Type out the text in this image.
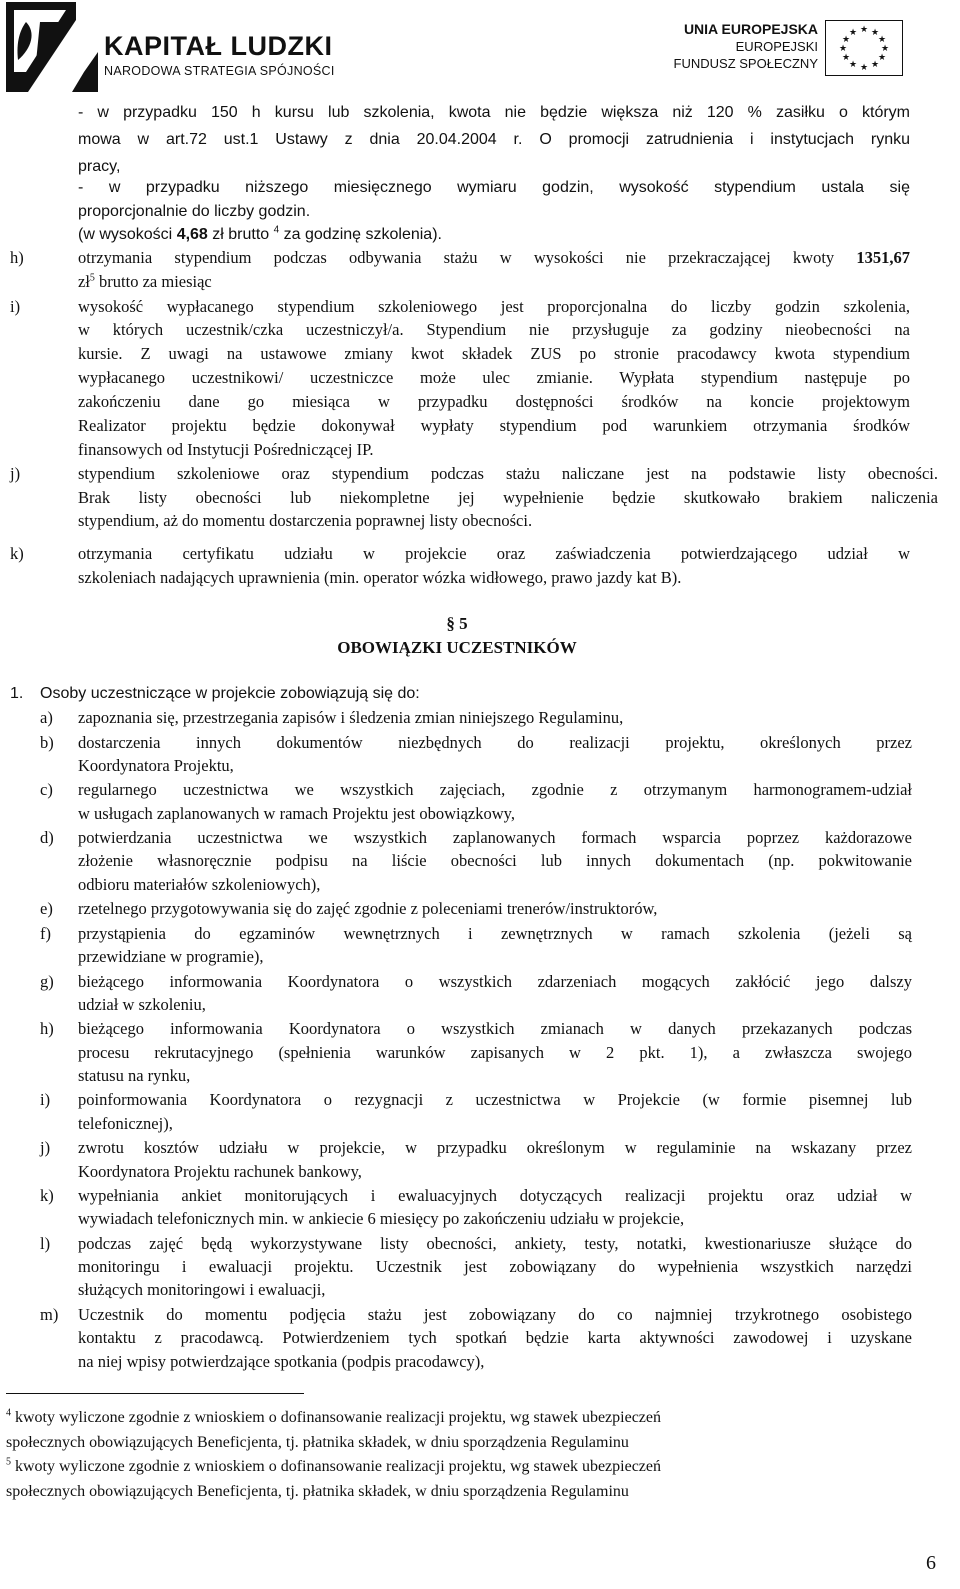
KAPITAŁ LUDZKI
NARODOWA STRATEGIA SPÓJNOŚCI
UNIA EUROPEJSKA
EUROPEJSKI
FUNDUSZ SPOŁECZNY
★ ★
★
★
★
★
★
★
★
★
★
★
- w przypadku 150 h kursu lub szkolenia, kwota nie będzie większa niż 120 % zasiłku o którym
mowa w art.72 ust.1 Ustawy z dnia 20.04.2004 r. O promocji zatrudnienia i instytucjach rynku
pracy,
- w przypadku niższego miesięcznego wymiaru godzin, wysokość stypendium ustala się
proporcjonalnie do liczby godzin.
(w wysokości 4,68 zł brutto $^4$ za godzinę szkolenia).
h)	otrzymania stypendium podczas odbywania stażu w wysokości nie przekraczającej kwoty 1351,67
$zł^5$ brutto za miesiąc
i)	wysokość wypłacanego stypendium szkoleniowego jest proporcjonalna do liczby godzin szkolenia,
w których uczestnik/czka uczestniczył/a. Stypendium nie przysługuje za godziny nieobecności na
kursie. Z uwagi na ustawowe zmiany kwot składek ZUS po stronie pracodawcy kwota stypendium
wypłacanego uczestnikowi/ uczestniczce może ulec zmianie. Wypłata stypendium następuje po
zakończeniu dane go miesiąca w przypadku dostępności środków na koncie projektowym
Realizator projektu będzie dokonywał wypłaty stypendium pod warunkiem otrzymania środków
finansowych od Instytucji Pośredniczącej IP.
j)	stypendium szkoleniowe oraz stypendium podczas stażu naliczane jest na podstawie listy obecności.
Brak listy obecności lub niekompletne jej wypełnienie będzie skutkowało brakiem naliczenia
stypendium, aż do momentu dostarczenia poprawnej listy obecności.
k)	otrzymania certyfikatu udziału w projekcie oraz zaświadczenia potwierdzającego udział w
szkoleniach nadających uprawnienia (min. operator wózka widłowego, prawo jazdy kat B).
§ 5
OBOWIĄZKI UCZESTNIKÓW
1. Osoby uczestniczące w projekcie zobowiązują się do:
a) zapoznania się, przestrzegania zapisów i śledzenia zmian niniejszego Regulaminu,
b) dostarczenia innych dokumentów niezbędnych do realizacji projektu, określonych przez
Koordynatora Projektu,
c) regularnego uczestnictwa we wszystkich zajęciach, zgodnie z otrzymanym harmonogramem-udział
w usługach zaplanowanych w ramach Projektu jest obowiązkowy,
d) potwierdzania uczestnictwa we wszystkich zaplanowanych formach wsparcia poprzez każdorazowe
złożenie własnoręcznie podpisu na liście obecności lub innych dokumentach (np. pokwitowanie
odbioru materiałów szkoleniowych),
e) rzetelnego przygotowywania się do zajęć zgodnie z poleceniami trenerów/instruktorów,
f) przystąpienia do egzaminów wewnętrznych i zewnętrznych w ramach szkolenia (jeżeli są
przewidziane w programie),
g) bieżącego informowania Koordynatora o wszystkich zdarzeniach mogących zakłócić jego dalszy
udział w szkoleniu,
h) bieżącego informowania Koordynatora o wszystkich zmianach w danych przekazanych podczas
procesu rekrutacyjnego (spełnienia warunków zapisanych w 2 pkt. 1), a zwłaszcza swojego
statusu na rynku,
i) poinformowania Koordynatora o rezygnacji z uczestnictwa w Projekcie (w formie pisemnej lub
telefonicznej),
j) zwrotu kosztów udziału w projekcie, w przypadku określonym w regulaminie na wskazany przez
Koordynatora Projektu rachunek bankowy,
k) wypełniania ankiet monitorujących i ewaluacyjnych dotyczących realizacji projektu oraz udział w
wywiadach telefonicznych min. w ankiecie 6 miesięcy po zakończeniu udziału w projekcie,
l) podczas zajęć będą wykorzystywane listy obecności, ankiety, testy, notatki, kwestionariusze służące do
monitoringu i ewaluacji projektu. Uczestnik jest zobowiązany do wypełnienia wszystkich narzędzi
służących monitoringowi i ewaluacji,
m) Uczestnik do momentu podjęcia stażu jest zobowiązany do co najmniej trzykrotnego osobistego
kontaktu z pracodawcą. Potwierdzeniem tych spotkań będzie karta aktywności zawodowej i uzyskane
na niej wpisy potwierdzające spotkania (podpis pracodawcy),
$^4$ kwoty wyliczone zgodnie z wnioskiem o dofinansowanie realizacji projektu, wg stawek ubezpieczeń
społecznych obowiązujących Beneficjenta, tj. płatnika składek, w dniu sporządzenia Regulaminu
$^5$ kwoty wyliczone zgodnie z wnioskiem o dofinansowanie realizacji projektu, wg stawek ubezpieczeń
społecznych obowiązujących Beneficjenta, tj. płatnika składek, w dniu sporządzenia Regulaminu
6
